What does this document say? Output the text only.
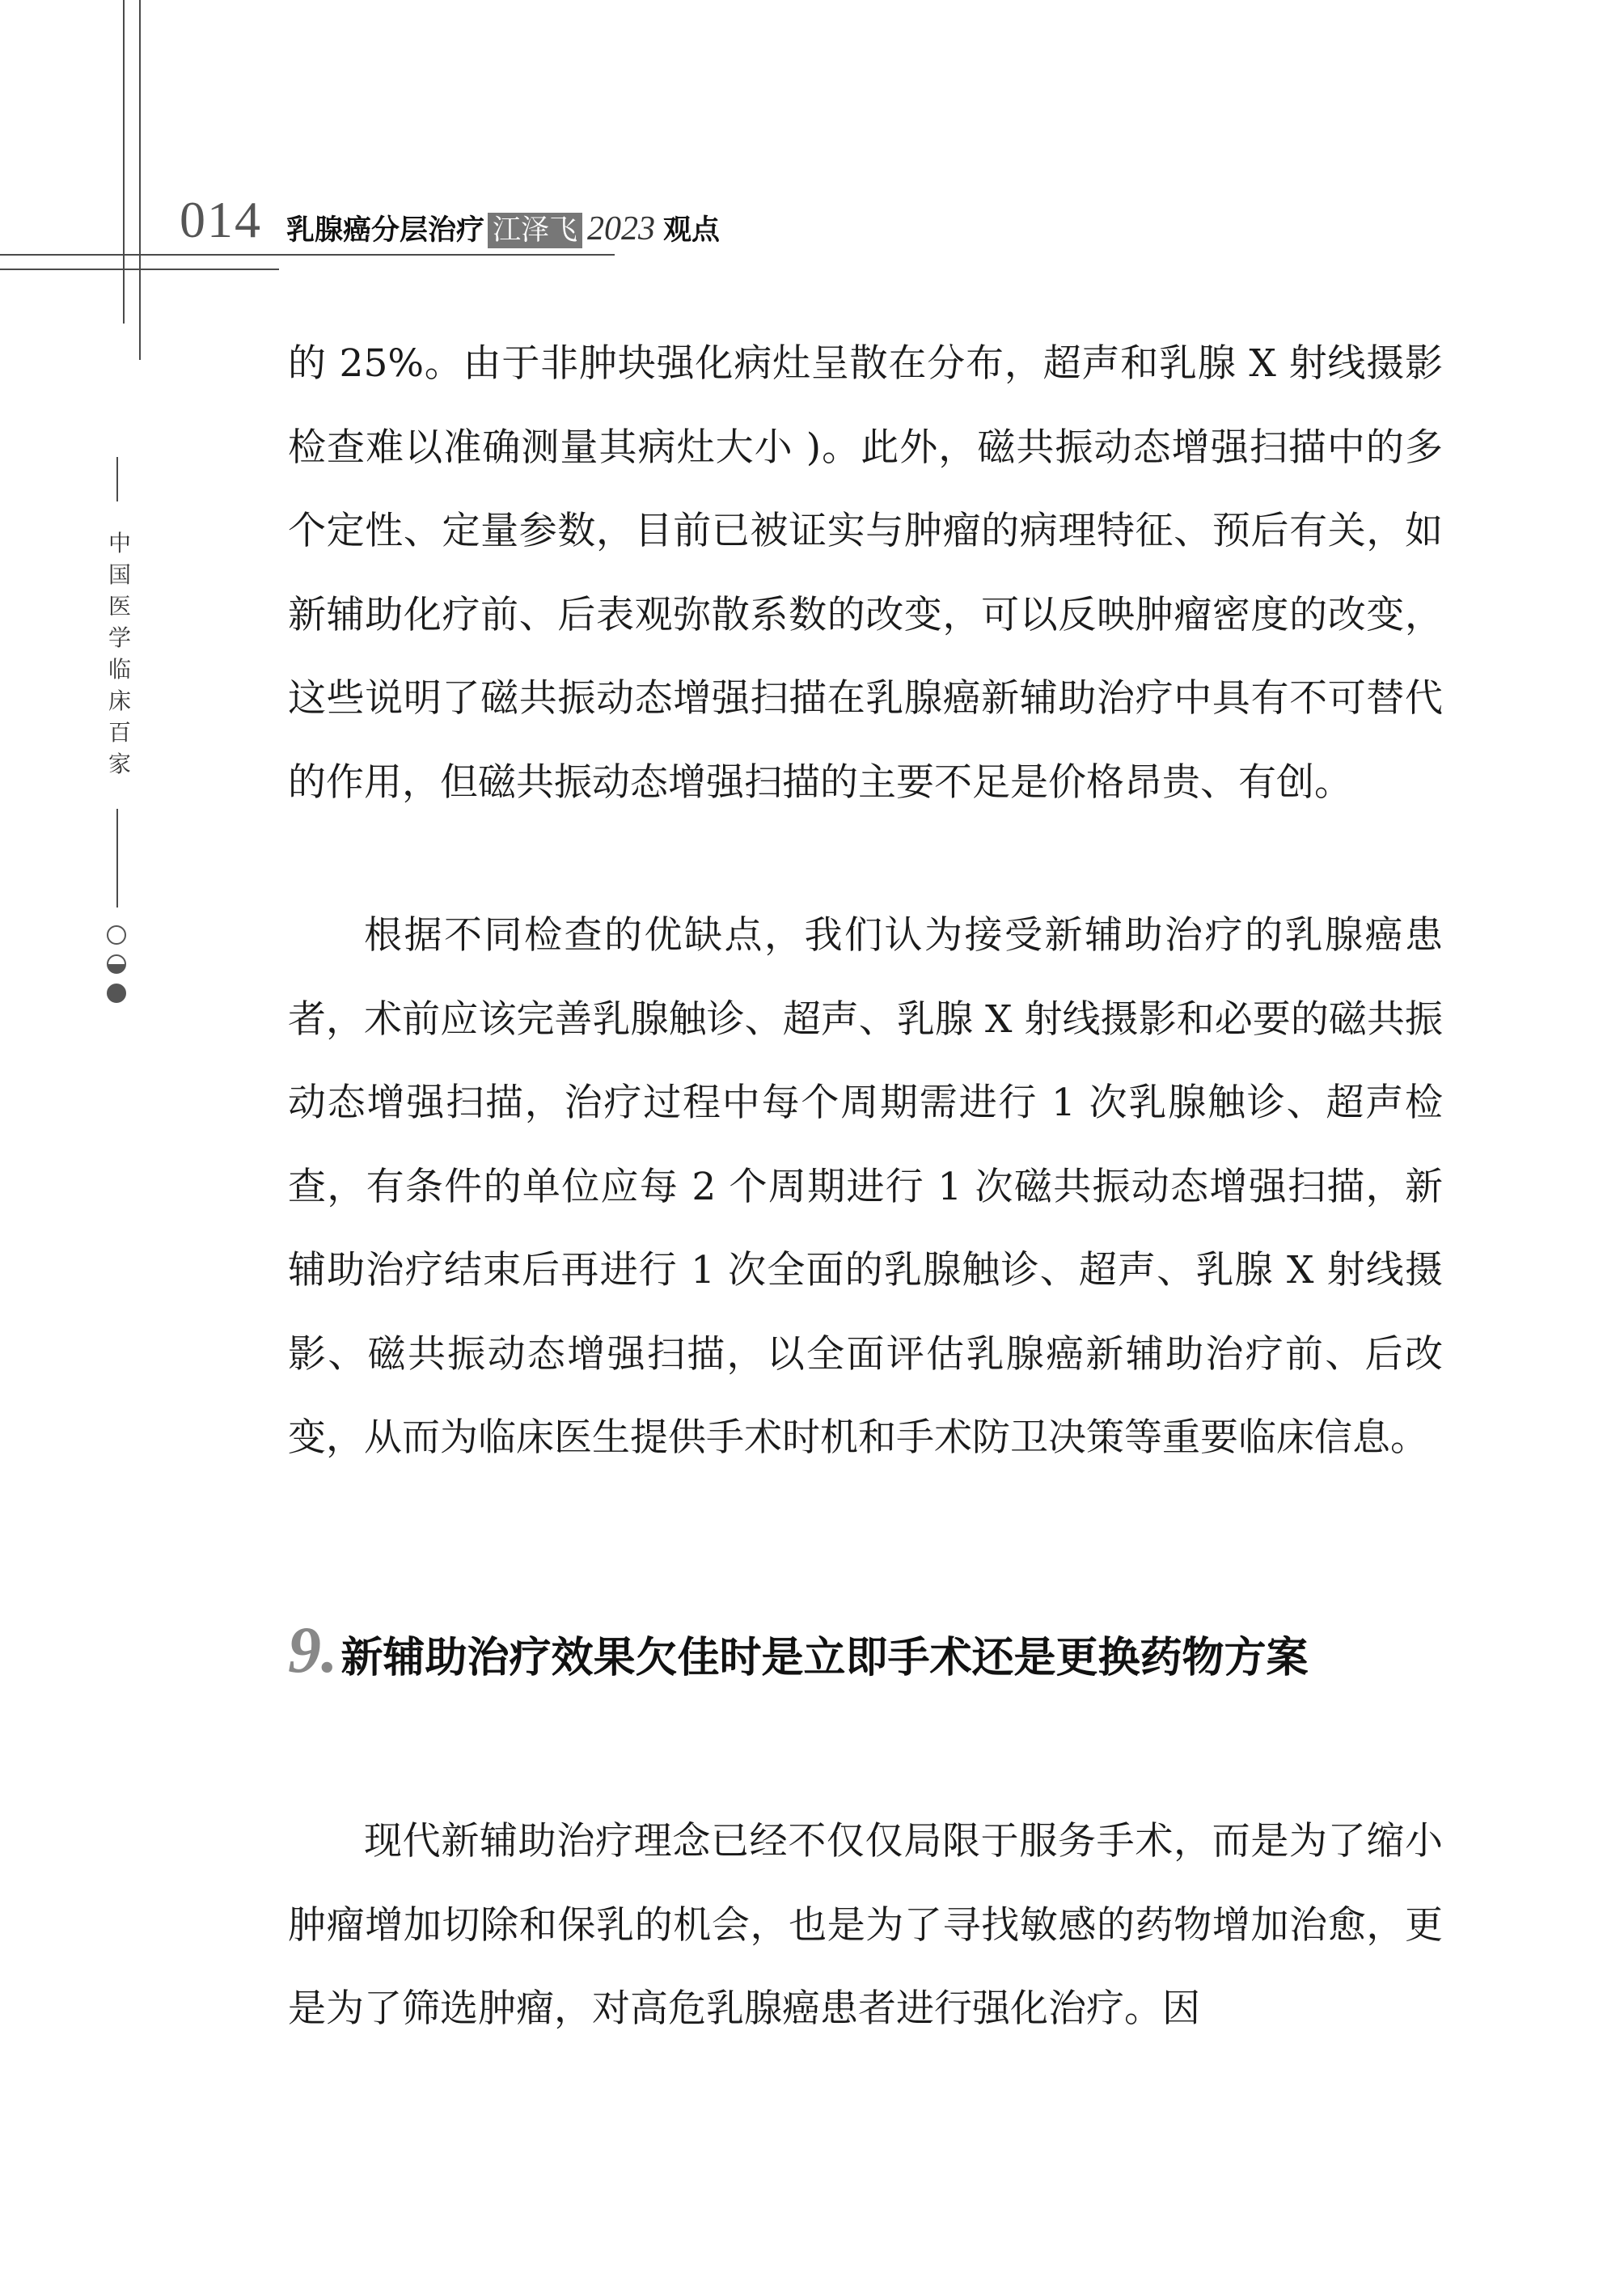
014 乳腺癌分层治疗 江泽飞 2023 观点
中国医学临床百家
的 25%。由于非肿块强化病灶呈散在分布，超声和乳腺 X 射线摄影检查难以准确测量其病灶大小 )。此外，磁共振动态增强扫描中的多个定性、定量参数，目前已被证实与肿瘤的病理特征、预后有关，如新辅助化疗前、后表观弥散系数的改变，可以反映肿瘤密度的改变，这些说明了磁共振动态增强扫描在乳腺癌新辅助治疗中具有不可替代的作用，但磁共振动态增强扫描的主要不足是价格昂贵、有创。
根据不同检查的优缺点，我们认为接受新辅助治疗的乳腺癌患者，术前应该完善乳腺触诊、超声、乳腺 X 射线摄影和必要的磁共振动态增强扫描，治疗过程中每个周期需进行 1 次乳腺触诊、超声检查，有条件的单位应每 2 个周期进行 1 次磁共振动态增强扫描，新辅助治疗结束后再进行 1 次全面的乳腺触诊、超声、乳腺 X 射线摄影、磁共振动态增强扫描，以全面评估乳腺癌新辅助治疗前、后改变，从而为临床医生提供手术时机和手术防卫决策等重要临床信息。
9.新辅助治疗效果欠佳时是立即手术还是更换药物方案
现代新辅助治疗理念已经不仅仅局限于服务手术，而是为了缩小肿瘤增加切除和保乳的机会，也是为了寻找敏感的药物增加治愈，更是为了筛选肿瘤，对高危乳腺癌患者进行强化治疗。因
